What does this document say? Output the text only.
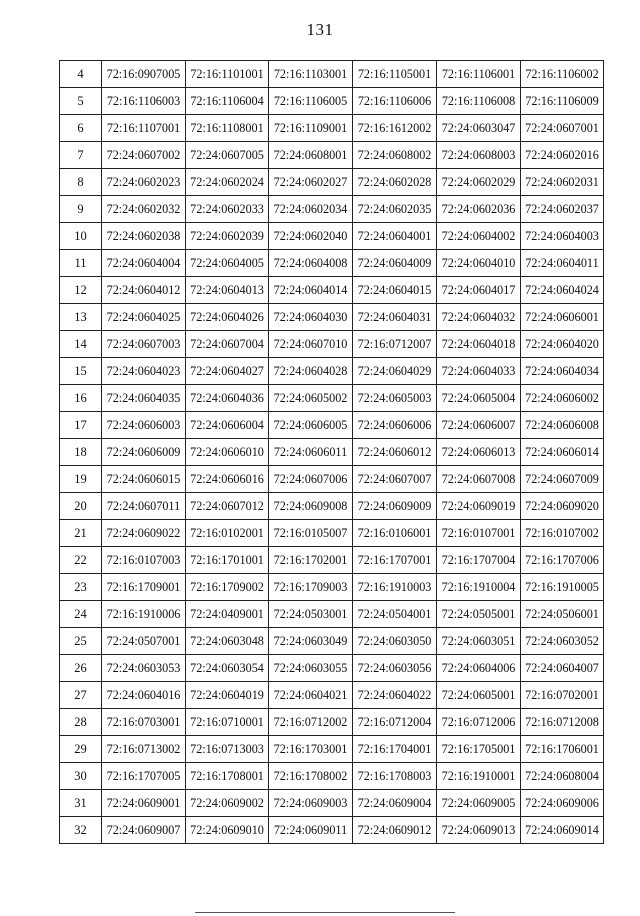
131
4	72:16:0907005	72:16:1101001	72:16:1103001	72:16:1105001	72:16:1106001	72:16:1106002
5	72:16:1106003	72:16:1106004	72:16:1106005	72:16:1106006	72:16:1106008	72:16:1106009
6	72:16:1107001	72:16:1108001	72:16:1109001	72:16:1612002	72:24:0603047	72:24:0607001
7	72:24:0607002	72:24:0607005	72:24:0608001	72:24:0608002	72:24:0608003	72:24:0602016
8	72:24:0602023	72:24:0602024	72:24:0602027	72:24:0602028	72:24:0602029	72:24:0602031
9	72:24:0602032	72:24:0602033	72:24:0602034	72:24:0602035	72:24:0602036	72:24:0602037
10	72:24:0602038	72:24:0602039	72:24:0602040	72:24:0604001	72:24:0604002	72:24:0604003
11	72:24:0604004	72:24:0604005	72:24:0604008	72:24:0604009	72:24:0604010	72:24:0604011
12	72:24:0604012	72:24:0604013	72:24:0604014	72:24:0604015	72:24:0604017	72:24:0604024
13	72:24:0604025	72:24:0604026	72:24:0604030	72:24:0604031	72:24:0604032	72:24:0606001
14	72:24:0607003	72:24:0607004	72:24:0607010	72:16:0712007	72:24:0604018	72:24:0604020
15	72:24:0604023	72:24:0604027	72:24:0604028	72:24:0604029	72:24:0604033	72:24:0604034
16	72:24:0604035	72:24:0604036	72:24:0605002	72:24:0605003	72:24:0605004	72:24:0606002
17	72:24:0606003	72:24:0606004	72:24:0606005	72:24:0606006	72:24:0606007	72:24:0606008
18	72:24:0606009	72:24:0606010	72:24:0606011	72:24:0606012	72:24:0606013	72:24:0606014
19	72:24:0606015	72:24:0606016	72:24:0607006	72:24:0607007	72:24:0607008	72:24:0607009
20	72:24:0607011	72:24:0607012	72:24:0609008	72:24:0609009	72:24:0609019	72:24:0609020
21	72:24:0609022	72:16:0102001	72:16:0105007	72:16:0106001	72:16:0107001	72:16:0107002
22	72:16:0107003	72:16:1701001	72:16:1702001	72:16:1707001	72:16:1707004	72:16:1707006
23	72:16:1709001	72:16:1709002	72:16:1709003	72:16:1910003	72:16:1910004	72:16:1910005
24	72:16:1910006	72:24:0409001	72:24:0503001	72:24:0504001	72:24:0505001	72:24:0506001
25	72:24:0507001	72:24:0603048	72:24:0603049	72:24:0603050	72:24:0603051	72:24:0603052
26	72:24:0603053	72:24:0603054	72:24:0603055	72:24:0603056	72:24:0604006	72:24:0604007
27	72:24:0604016	72:24:0604019	72:24:0604021	72:24:0604022	72:24:0605001	72:16:0702001
28	72:16:0703001	72:16:0710001	72:16:0712002	72:16:0712004	72:16:0712006	72:16:0712008
29	72:16:0713002	72:16:0713003	72:16:1703001	72:16:1704001	72:16:1705001	72:16:1706001
30	72:16:1707005	72:16:1708001	72:16:1708002	72:16:1708003	72:16:1910001	72:24:0608004
31	72:24:0609001	72:24:0609002	72:24:0609003	72:24:0609004	72:24:0609005	72:24:0609006
32	72:24:0609007	72:24:0609010	72:24:0609011	72:24:0609012	72:24:0609013	72:24:0609014
